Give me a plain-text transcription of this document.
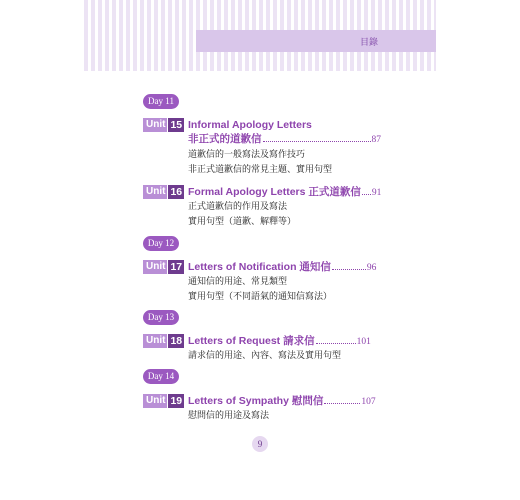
目錄
Day 11
Unit 15 Informal Apology Letters
非正式的道歉信	87
道歉信的一般寫法及寫作技巧
非正式道歉信的常見主題、實用句型
Unit 16 Formal Apology Letters 正式道歉信 91
正式道歉信的作用及寫法
實用句型（道歉、解釋等）
Day 12
Unit 17 Letters of Notification 通知信	96
通知信的用途、常見類型
實用句型（不同語氣的通知信寫法）
Day 13
Unit 18 Letters of Request 請求信	101
請求信的用途、內容、寫法及實用句型
Day 14
Unit 19 Letters of Sympathy 慰問信	107
慰問信的用途及寫法
9
